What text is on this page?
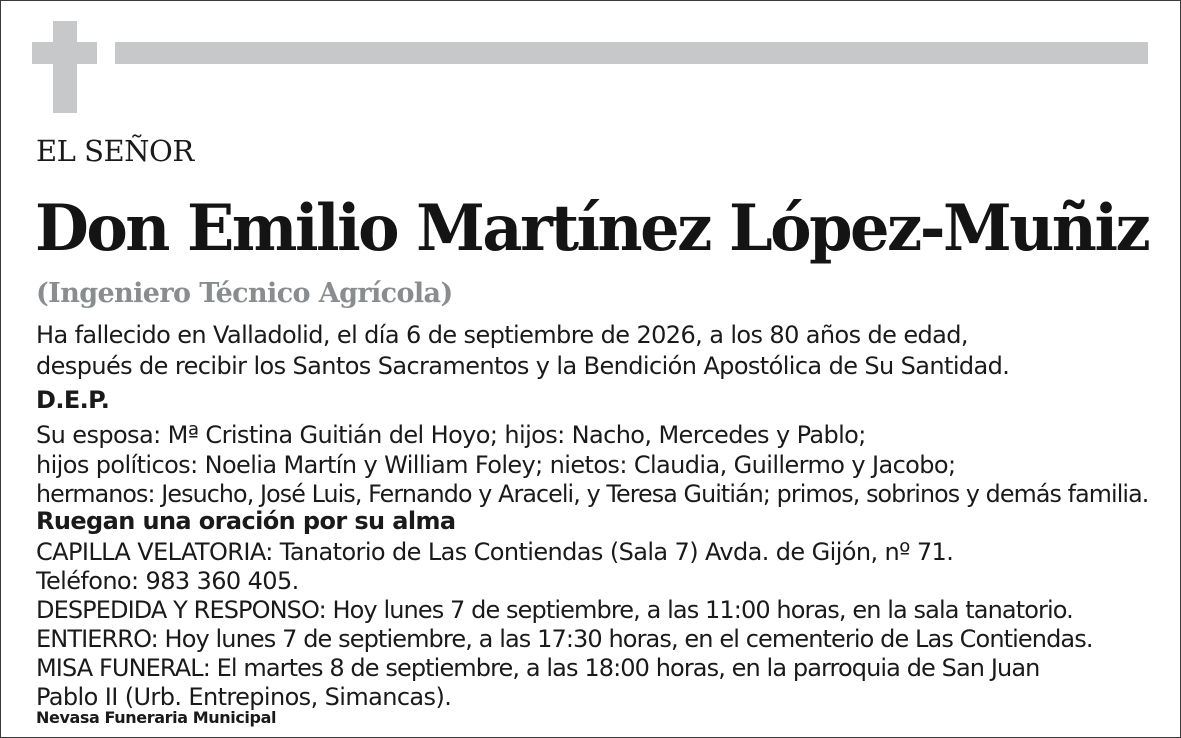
EL SEÑOR
Don Emilio Martínez López-Muñiz
(Ingeniero Técnico Agrícola)
Ha fallecido en Valladolid, el día 6 de septiembre de 2026, a los 80 años de edad,
después de recibir los Santos Sacramentos y la Bendición Apostólica de Su Santidad.
D.E.P.
Su esposa: Mª Cristina Guitián del Hoyo; hijos: Nacho, Mercedes y Pablo;
hijos políticos: Noelia Martín y William Foley; nietos: Claudia, Guillermo y Jacobo;
hermanos: Jesucho, José Luis, Fernando y Araceli, y Teresa Guitián; primos, sobrinos y demás familia.
Ruegan una oración por su alma
CAPILLA VELATORIA: Tanatorio de Las Contiendas (Sala 7) Avda. de Gijón, nº 71.
Teléfono: 983 360 405.
DESPEDIDA Y RESPONSO: Hoy lunes 7 de septiembre, a las 11:00 horas, en la sala tanatorio.
ENTIERRO: Hoy lunes 7 de septiembre, a las 17:30 horas, en el cementerio de Las Contiendas.
MISA FUNERAL: El martes 8 de septiembre, a las 18:00 horas, en la parroquia de San Juan
Pablo II (Urb. Entrepinos, Simancas).
Nevasa Funeraria Municipal
